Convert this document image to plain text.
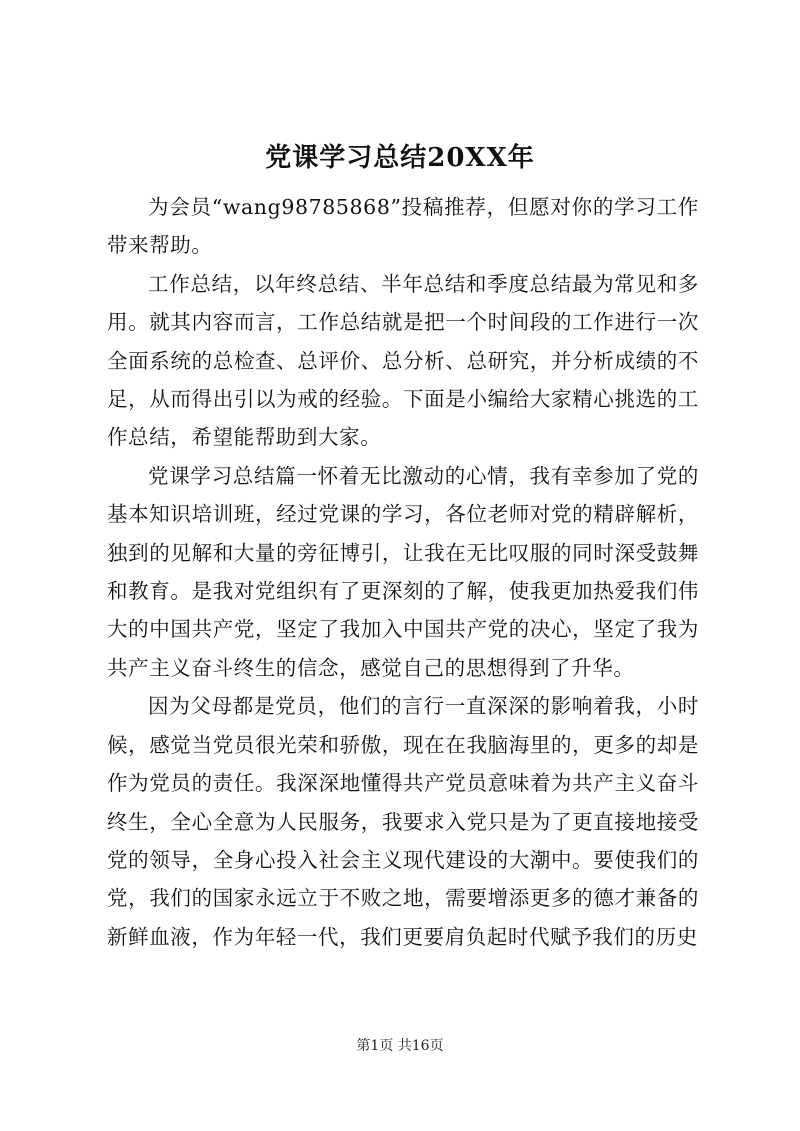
党课学习总结20XX年

为会员“wang98785868”投稿推荐，但愿对你的学习工作带来帮助。

工作总结，以年终总结、半年总结和季度总结最为常见和多用。就其内容而言，工作总结就是把一个时间段的工作进行一次全面系统的总检查、总评价、总分析、总研究，并分析成绩的不足，从而得出引以为戒的经验。下面是小编给大家精心挑选的工作总结，希望能帮助到大家。

党课学习总结篇一怀着无比激动的心情，我有幸参加了党的基本知识培训班，经过党课的学习，各位老师对党的精辟解析，独到的见解和大量的旁征博引，让我在无比叹服的同时深受鼓舞和教育。是我对党组织有了更深刻的了解，使我更加热爱我们伟大的中国共产党，坚定了我加入中国共产党的决心，坚定了我为共产主义奋斗终生的信念，感觉自己的思想得到了升华。

因为父母都是党员，他们的言行一直深深的影响着我，小时候，感觉当党员很光荣和骄傲，现在在我脑海里的，更多的却是作为党员的责任。我深深地懂得共产党员意味着为共产主义奋斗终生，全心全意为人民服务，我要求入党只是为了更直接地接受党的领导，全身心投入社会主义现代建设的大潮中。要使我们的党，我们的国家永远立于不败之地，需要增添更多的德才兼备的新鲜血液，作为年轻一代，我们更要肩负起时代赋予我们的历史

第1页 共16页
